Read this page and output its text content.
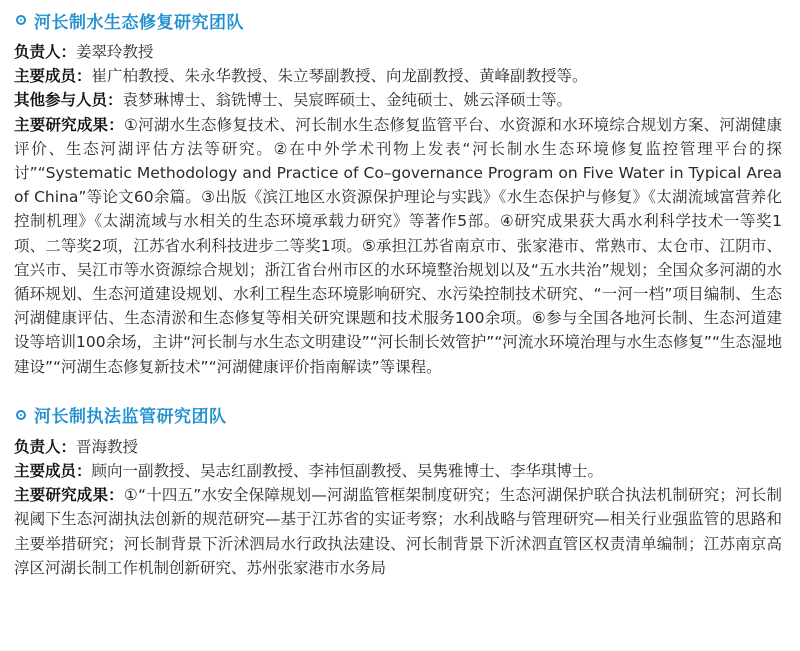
河长制水生态修复研究团队
负责人：姜翠玲教授
主要成员：崔广柏教授、朱永华教授、朱立琴副教授、向龙副教授、黄峰副教授等。
其他参与人员：袁梦琳博士、翁铣博士、吴宸晖硕士、金纯硕士、姚云泽硕士等。
主要研究成果：①河湖水生态修复技术、河长制水生态修复监管平台、水资源和水环境综合规划方案、河湖健康评价、生态河湖评估方法等研究。②在中外学术刊物上发表“河长制水生态环境修复监控管理平台的探讨”“Systematic Methodology and Practice of Co–governance Program on Five Water in Typical Area of China”等论文60余篇。③出版《滨江地区水资源保护理论与实践》《水生态保护与修复》《太湖流域富营养化控制机理》《太湖流域与水相关的生态环境承载力研究》等著作5部。④研究成果获大禹水利科学技术一等奖1项、二等奖2项，江苏省水利科技进步二等奖1项。⑤承担江苏省南京市、张家港市、常熟市、太仓市、江阴市、宜兴市、吴江市等水资源综合规划；浙江省台州市区的水环境整治规划以及“五水共治”规划；全国众多河湖的水循环规划、生态河道建设规划、水利工程生态环境影响研究、水污染控制技术研究、“一河一档”项目编制、生态河湖健康评估、生态清淤和生态修复等相关研究课题和技术服务100余项。⑥参与全国各地河长制、生态河道建设等培训100余场，主讲“河长制与水生态文明建设”“河长制长效管护”“河流水环境治理与水生态修复”“生态湿地建设”“河湖生态修复新技术”“河湖健康评价指南解读”等课程。
河长制执法监管研究团队
负责人：晋海教授
主要成员：顾向一副教授、吴志红副教授、李祎恒副教授、吴隽雅博士、李华琪博士。
主要研究成果：①“十四五”水安全保障规划—河湖监管框架制度研究；生态河湖保护联合执法机制研究；河长制视阈下生态河湖执法创新的规范研究—基于江苏省的实证考察；水利战略与管理研究—相关行业强监管的思路和主要举措研究；河长制背景下沂沭泗局水行政执法建设、河长制背景下沂沭泗直管区权责清单编制；江苏南京高淳区河湖长制工作机制创新研究、苏州张家港市水务局
